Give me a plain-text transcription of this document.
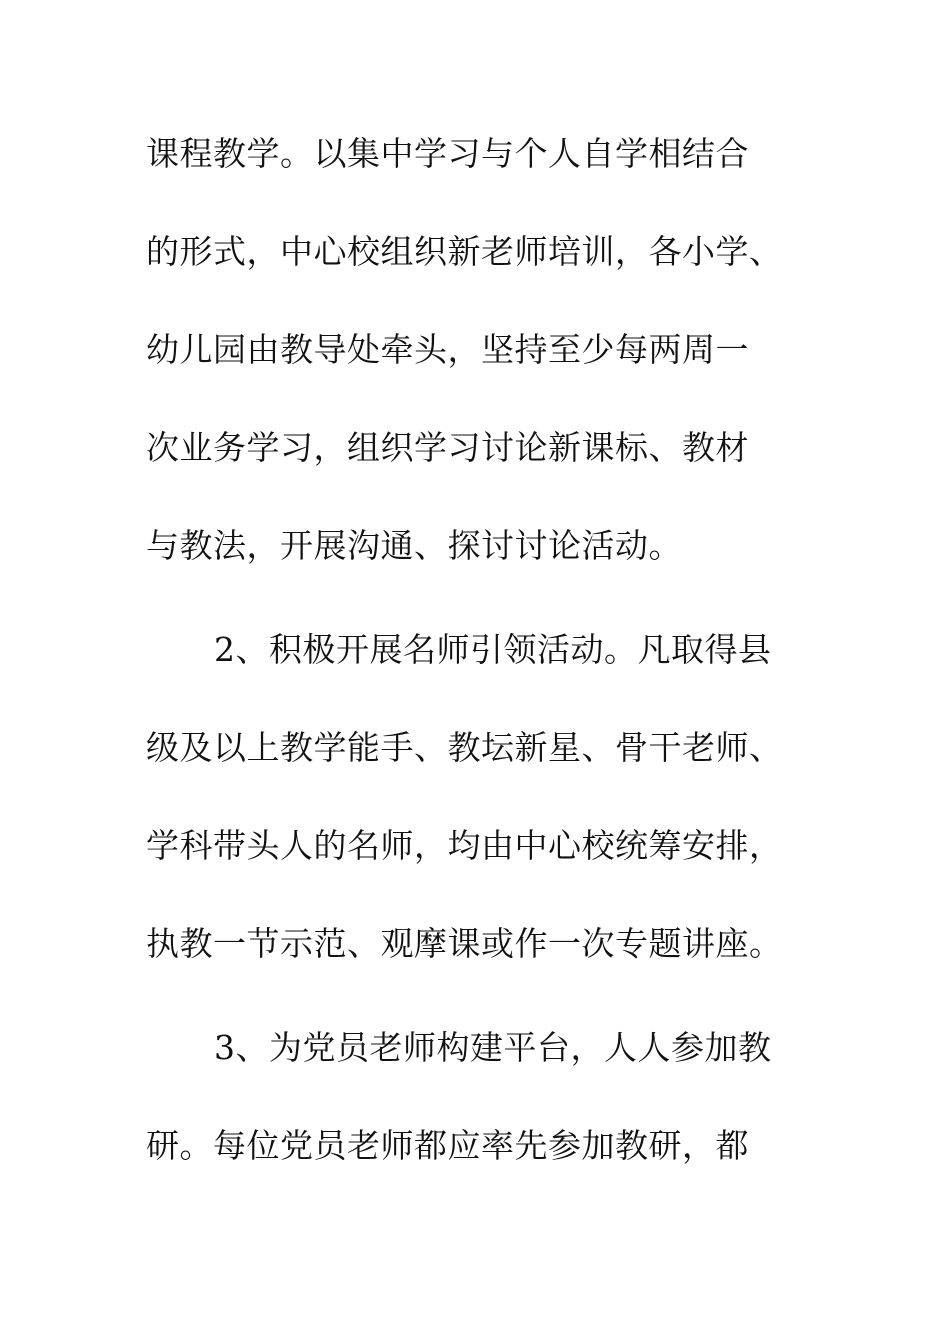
课程教学。以集中学习与个人自学相结合
的形式，中心校组织新老师培训，各小学、
幼儿园由教导处牵头，坚持至少每两周一
次业务学习，组织学习讨论新课标、教材
与教法，开展沟通、探讨讨论活动。
2、积极开展名师引领活动。凡取得县
级及以上教学能手、教坛新星、骨干老师、
学科带头人的名师，均由中心校统筹安排，
执教一节示范、观摩课或作一次专题讲座。
3、为党员老师构建平台，人人参加教
研。每位党员老师都应率先参加教研，都
